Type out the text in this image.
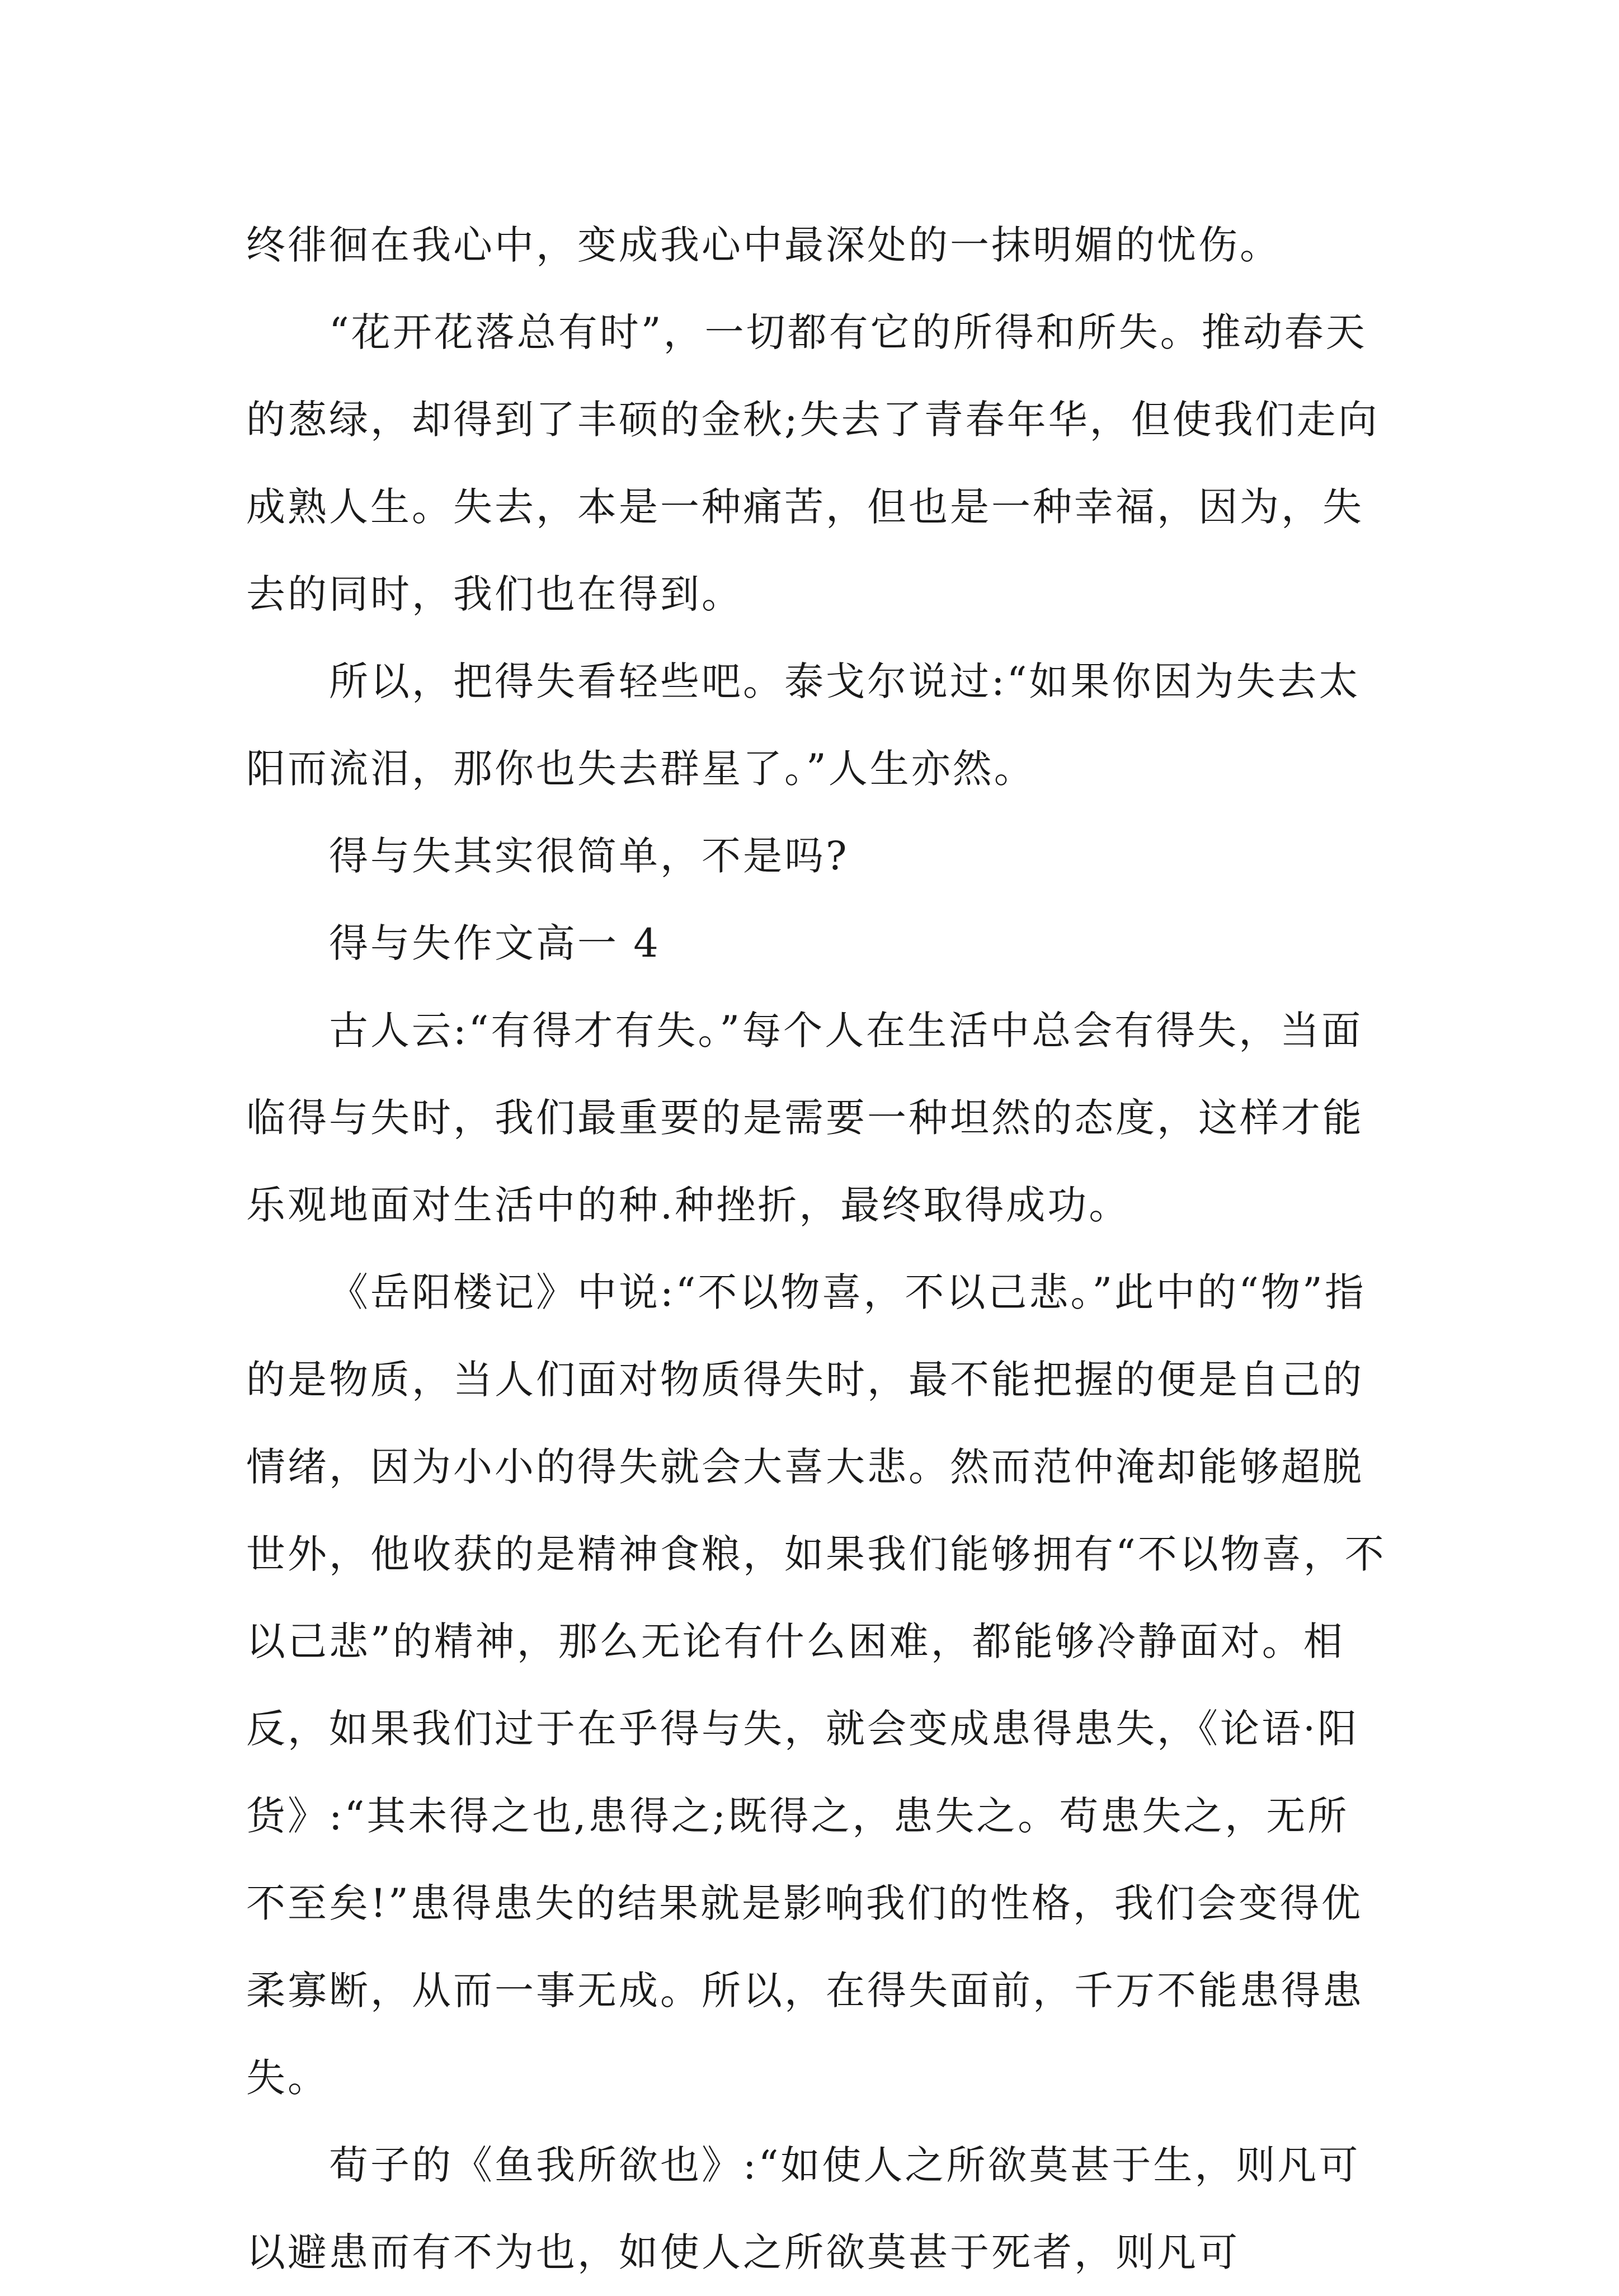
终徘徊在我心中，变成我心中最深处的一抹明媚的忧伤。

“花开花落总有时”，一切都有它的所得和所失。推动春天的葱绿，却得到了丰硕的金秋;失去了青春年华，但使我们走向成熟人生。失去，本是一种痛苦，但也是一种幸福，因为，失去的同时，我们也在得到。

所以，把得失看轻些吧。泰戈尔说过:“如果你因为失去太阳而流泪，那你也失去群星了。”人生亦然。

得与失其实很简单，不是吗?

得与失作文高一 4

古人云:“有得才有失。”每个人在生活中总会有得失，当面临得与失时，我们最重要的是需要一种坦然的态度，这样才能乐观地面对生活中的种.种挫折，最终取得成功。

《岳阳楼记》中说:“不以物喜，不以己悲。”此中的“物”指的是物质，当人们面对物质得失时，最不能把握的便是自己的情绪，因为小小的得失就会大喜大悲。然而范仲淹却能够超脱世外，他收获的是精神食粮，如果我们能够拥有“不以物喜，不以己悲”的精神，那么无论有什么困难，都能够冷静面对。相反，如果我们过于在乎得与失，就会变成患得患失，《论语·阳货》:“其未得之也,患得之;既得之，患失之。苟患失之，无所不至矣!”患得患失的结果就是影响我们的性格，我们会变得优柔寡断，从而一事无成。所以，在得失面前，千万不能患得患失。

荀子的《鱼我所欲也》:“如使人之所欲莫甚于生，则凡可以避患而有不为也，如使人之所欲莫甚于死者，则凡可
